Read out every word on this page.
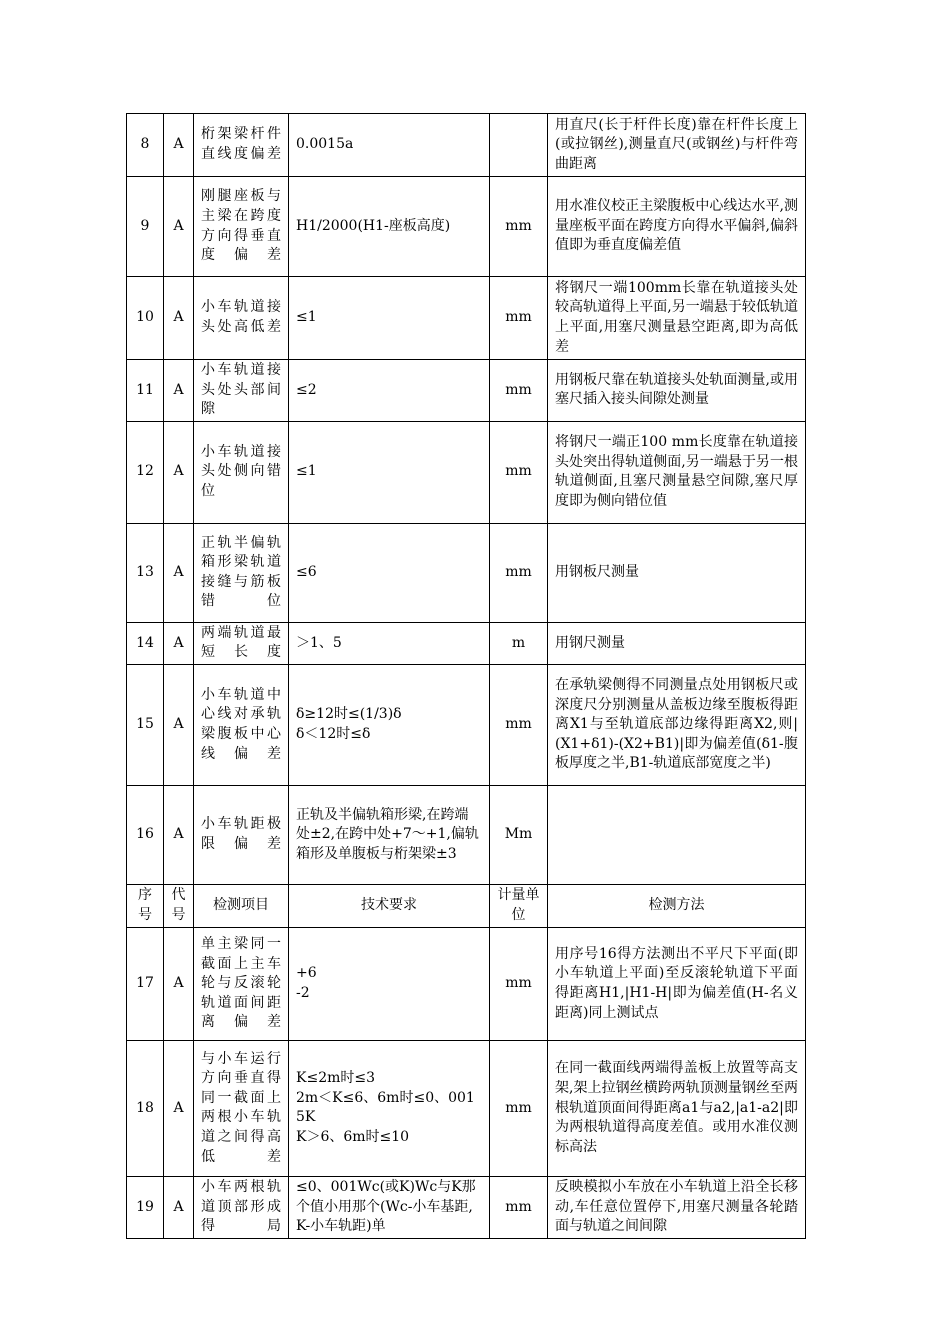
8	A	桁架梁杆件直线度偏差	0.0015a		用直尺(长于杆件长度)靠在杆件长度上(或拉钢丝),测量直尺(或钢丝)与杆件弯曲距离
9	A	刚腿座板与主梁在跨度方向得垂直度偏差	H1/2000(H1-座板高度)	mm	用水准仪校正主梁腹板中心线达水平,测量座板平面在跨度方向得水平偏斜,偏斜值即为垂直度偏差值
10	A	小车轨道接头处高低差	≤1	mm	将钢尺一端100mm长靠在轨道接头处较高轨道得上平面,另一端悬于较低轨道上平面,用塞尺测量悬空距离,即为高低差
11	A	小车轨道接头处头部间隙	≤2	mm	用钢板尺靠在轨道接头处轨面测量,或用塞尺插入接头间隙处测量
12	A	小车轨道接头处侧向错位	≤1	mm	将钢尺一端正100 mm长度靠在轨道接头处突出得轨道侧面,另一端悬于另一根轨道侧面,且塞尺测量悬空间隙,塞尺厚度即为侧向错位值
13	A	正轨半偏轨箱形梁轨道接缝与筋板错位	≤6	mm	用钢板尺测量
14	A	两端轨道最短长度	＞1、5	m	用钢尺测量
15	A	小车轨道中心线对承轨梁腹板中心线偏差	δ≥12时≤(1/3)δ
δ＜12时≤δ	mm	在承轨梁侧得不同测量点处用钢板尺或深度尺分别测量从盖板边缘至腹板得距离X1与至轨道底部边缘得距离X2,则|(X1+δ1)-(X2+B1)|即为偏差值(δ1-腹板厚度之半,B1-轨道底部宽度之半)
16	A	小车轨距极限偏差	正轨及半偏轨箱形梁,在跨端处±2,在跨中处+7～+1,偏轨箱形及单腹板与桁架梁±3	Mm	
序号	代号	检测项目	技术要求	计量单位	检测方法
17	A	单主梁同一截面上主车轮与反滚轮轨道面间距离偏差	+6
-2	mm	用序号16得方法测出不平尺下平面(即小车轨道上平面)至反滚轮轨道下平面得距离H1,|H1-H|即为偏差值(H-名义距离)同上测试点
18	A	与小车运行方向垂直得同一截面上两根小车轨道之间得高低差	K≤2m时≤3
2m＜K≤6、6m时≤0、0015K
K＞6、6m时≤10	mm	在同一截面线两端得盖板上放置等高支架,架上拉钢丝横跨两轨顶测量钢丝至两根轨道顶面间得距离a1与a2,|a1-a2|即为两根轨道得高度差值。或用水准仪测标高法
19	A	小车两根轨道顶部形成得局	≤0、001Wc(或K)Wc与K那个值小用那个(Wc-小车基距,K-小车轨距)单	mm	反映模拟小车放在小车轨道上沿全长移动,车任意位置停下,用塞尺测量各轮踏面与轨道之间间隙
